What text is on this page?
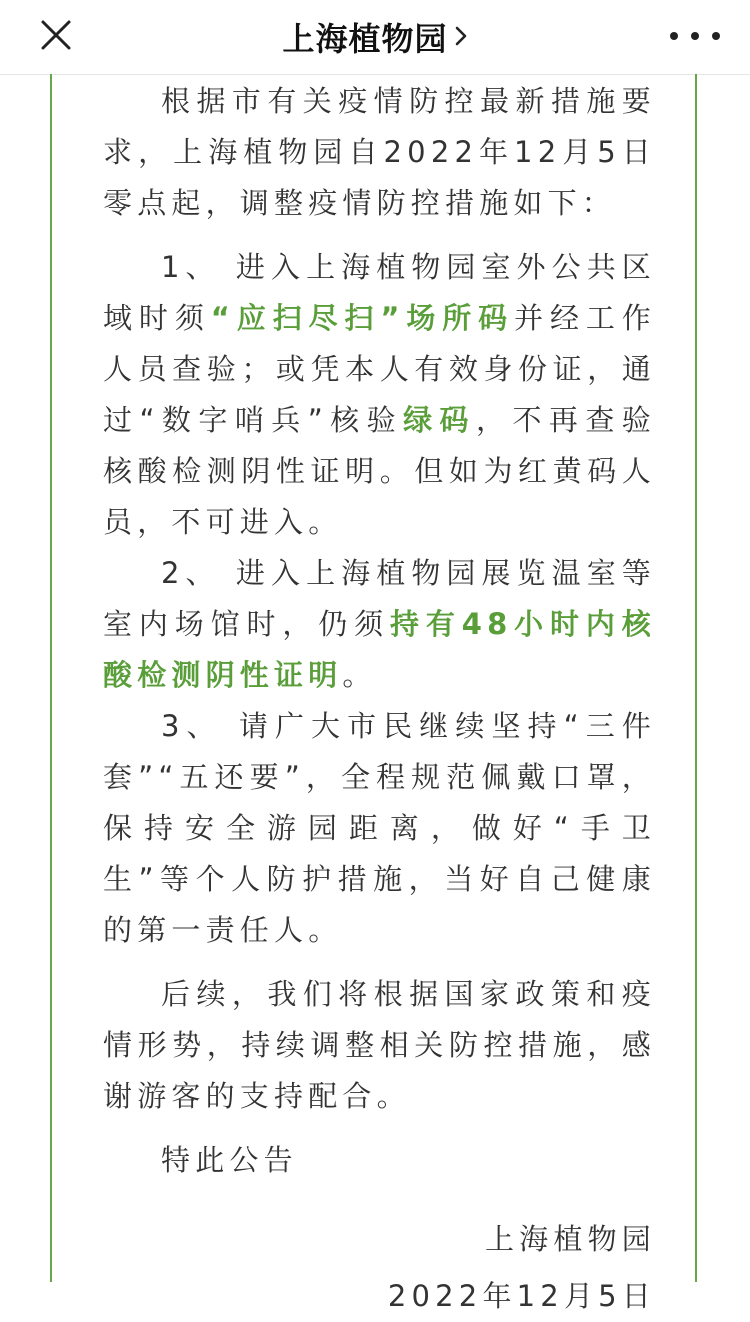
上海植物园

根据市有关疫情防控最新措施要求，上海植物园自2022年12月5日零点起，调整疫情防控措施如下：

1、 进入上海植物园室外公共区域时须“应扫尽扫”场所码并经工作人员查验；或凭本人有效身份证，通过“数字哨兵”核验绿码，不再查验核酸检测阴性证明。但如为红黄码人员，不可进入。

2、 进入上海植物园展览温室等室内场馆时，仍须持有48小时内核酸检测阴性证明。

3、 请广大市民继续坚持“三件套”“五还要”，全程规范佩戴口罩，保持安全游园距离，做好“手卫生”等个人防护措施，当好自己健康的第一责任人。

后续，我们将根据国家政策和疫情形势，持续调整相关防控措施，感谢游客的支持配合。

特此公告

上海植物园

2022年12月5日
